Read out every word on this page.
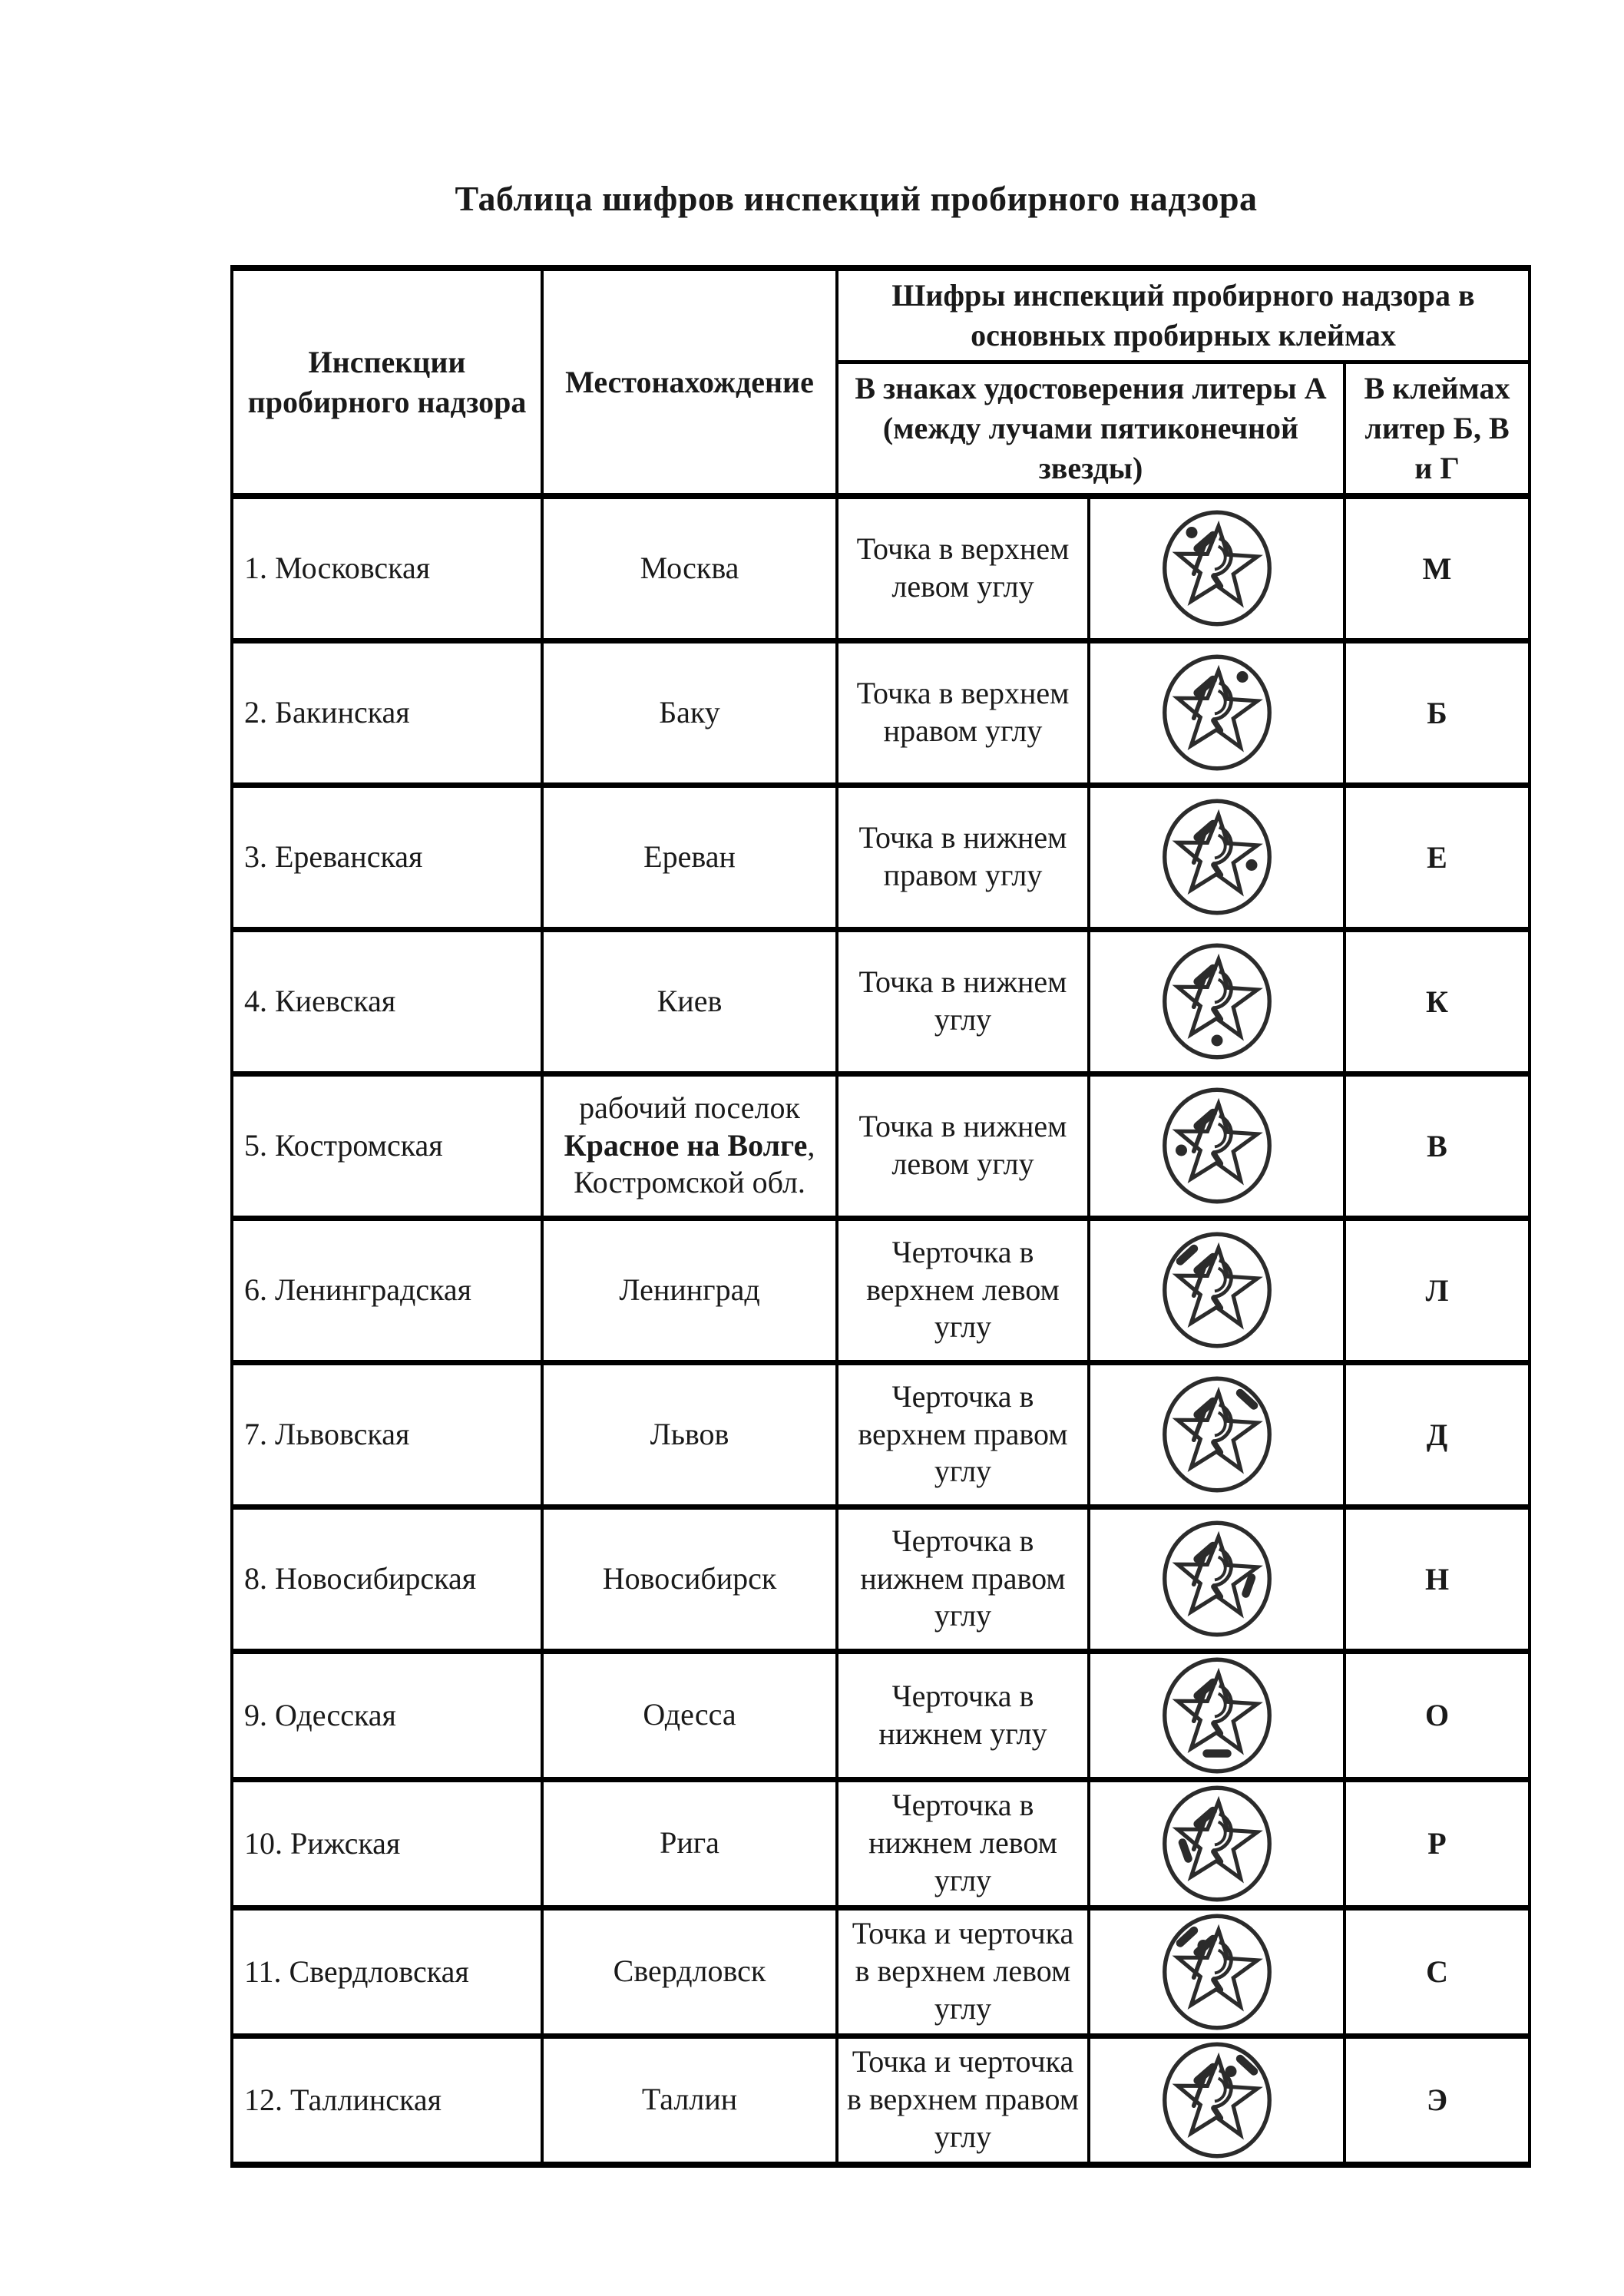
Таблица шифров инспекций пробирного надзора
Инспекции пробирного надзора	Местонахождение	Шифры инспекций пробирного надзора в основных пробирных клеймах		
		В знаках удостоверения литеры А (между лучами пятиконечной звезды)		В клеймах литер Б, В и Г
1. Московская	Москва	Точка в верхнем левом углу		М
2. Бакинская	Баку	Точка в верхнем нравом углу		Б
3. Ереванская	Ереван	Точка в нижнем правом углу		Е
4. Киевская	Киев	Точка в нижнем углу		К
5. Костромская	рабочий поселок Красное на Волге, Костромской обл.	Точка в нижнем левом углу		В
6. Ленинградская	Ленинград	Черточка в верхнем левом углу		Л
7. Львовская	Львов	Черточка в верхнем правом углу		Д
8. Новосибирская	Новосибирск	Черточка в нижнем правом углу		Н
9. Одесская	Одесса	Черточка в нижнем углу		О
10. Рижская	Рига	Черточка в нижнем левом углу		Р
11. Свердловская	Свердловск	Точка и черточка в верхнем левом углу		С
12. Таллинская	Таллин	Точка и черточка в верхнем правом углу		Э
